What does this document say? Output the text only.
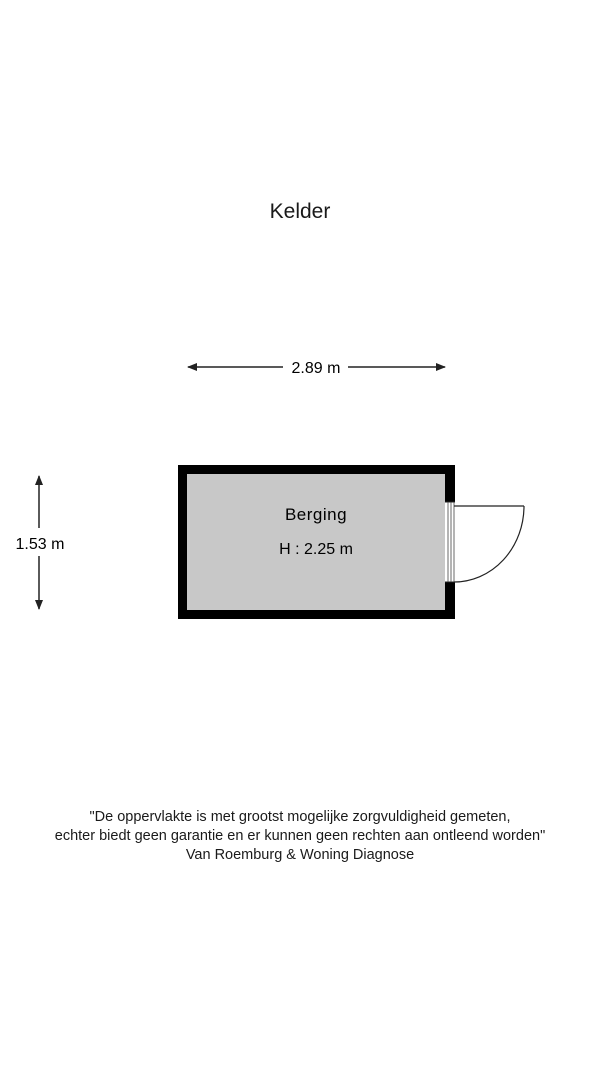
Kelder
2.89 m
1.53 m
Berging
H : 2.25 m
"De oppervlakte is met grootst mogelijke zorgvuldigheid gemeten,
echter biedt geen garantie en er kunnen geen rechten aan ontleend worden"
Van Roemburg & Woning Diagnose
